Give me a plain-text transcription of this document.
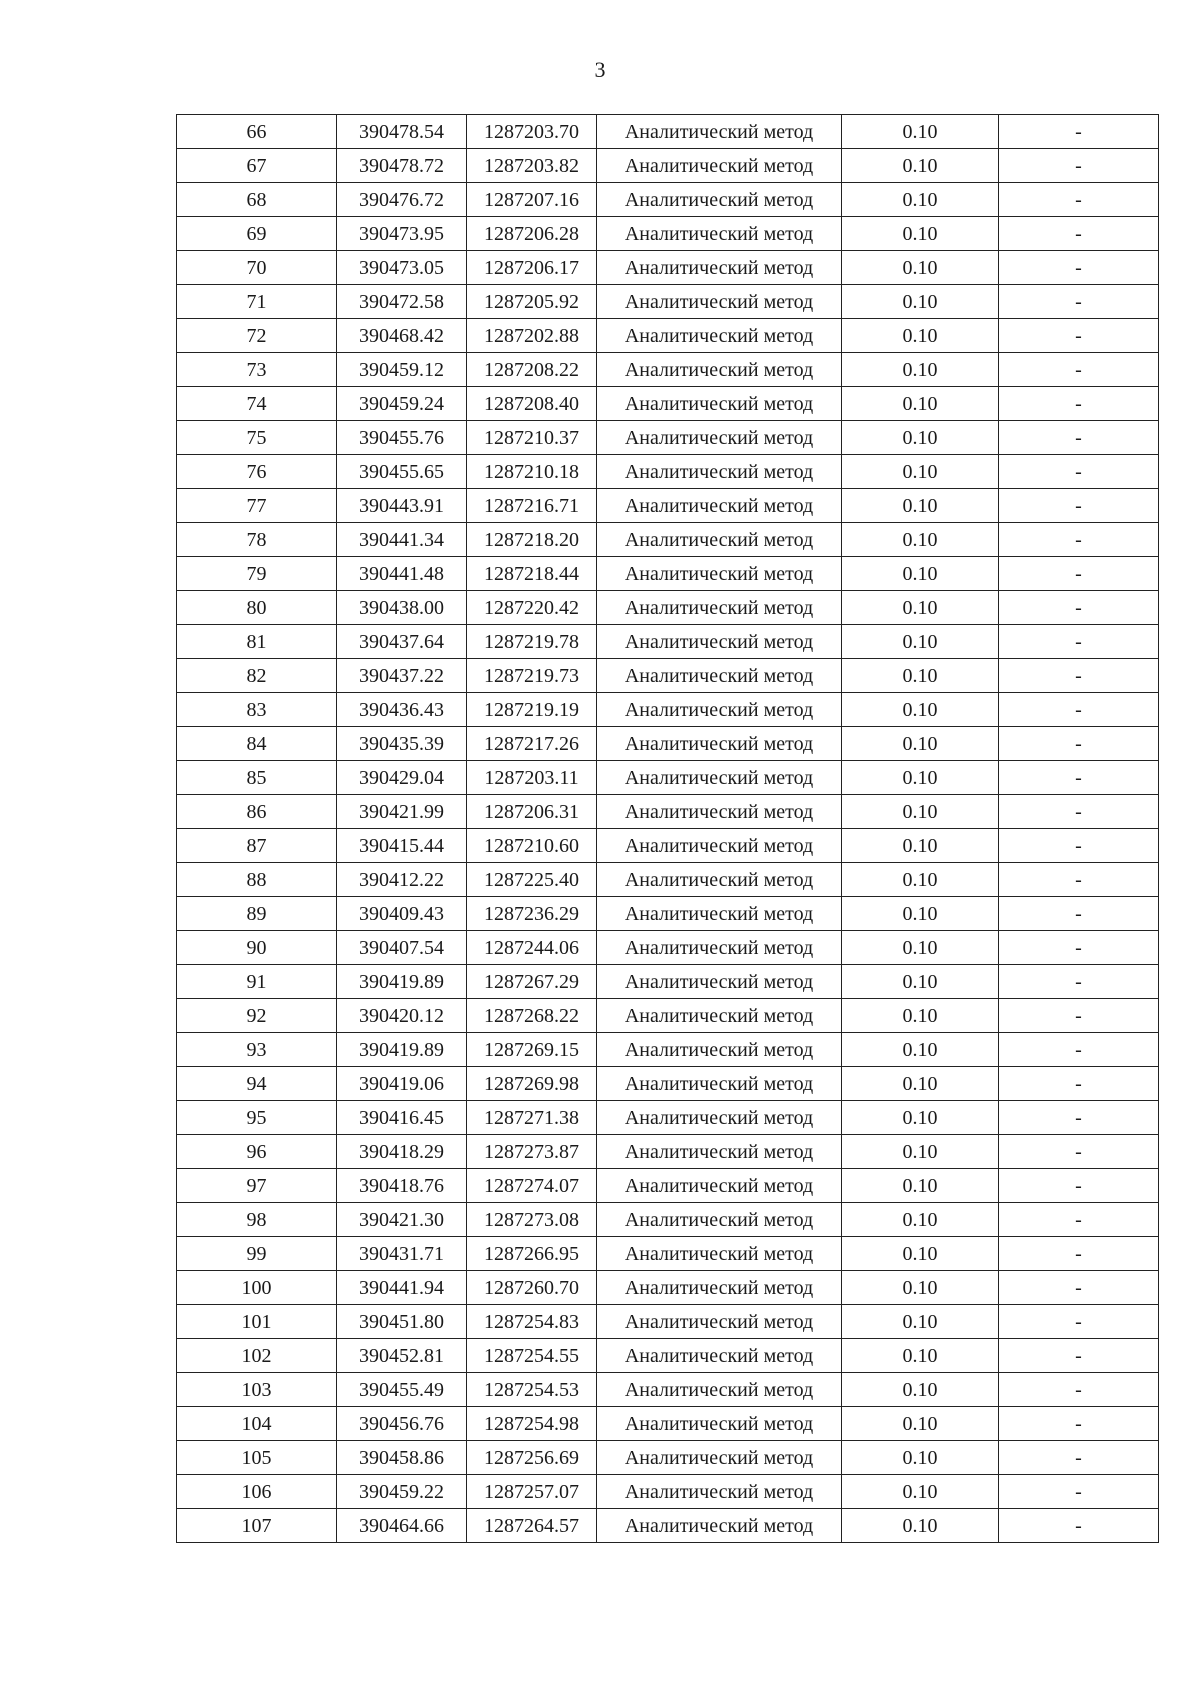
3
66	390478.54	1287203.70	Аналитический метод	0.10	-
67	390478.72	1287203.82	Аналитический метод	0.10	-
68	390476.72	1287207.16	Аналитический метод	0.10	-
69	390473.95	1287206.28	Аналитический метод	0.10	-
70	390473.05	1287206.17	Аналитический метод	0.10	-
71	390472.58	1287205.92	Аналитический метод	0.10	-
72	390468.42	1287202.88	Аналитический метод	0.10	-
73	390459.12	1287208.22	Аналитический метод	0.10	-
74	390459.24	1287208.40	Аналитический метод	0.10	-
75	390455.76	1287210.37	Аналитический метод	0.10	-
76	390455.65	1287210.18	Аналитический метод	0.10	-
77	390443.91	1287216.71	Аналитический метод	0.10	-
78	390441.34	1287218.20	Аналитический метод	0.10	-
79	390441.48	1287218.44	Аналитический метод	0.10	-
80	390438.00	1287220.42	Аналитический метод	0.10	-
81	390437.64	1287219.78	Аналитический метод	0.10	-
82	390437.22	1287219.73	Аналитический метод	0.10	-
83	390436.43	1287219.19	Аналитический метод	0.10	-
84	390435.39	1287217.26	Аналитический метод	0.10	-
85	390429.04	1287203.11	Аналитический метод	0.10	-
86	390421.99	1287206.31	Аналитический метод	0.10	-
87	390415.44	1287210.60	Аналитический метод	0.10	-
88	390412.22	1287225.40	Аналитический метод	0.10	-
89	390409.43	1287236.29	Аналитический метод	0.10	-
90	390407.54	1287244.06	Аналитический метод	0.10	-
91	390419.89	1287267.29	Аналитический метод	0.10	-
92	390420.12	1287268.22	Аналитический метод	0.10	-
93	390419.89	1287269.15	Аналитический метод	0.10	-
94	390419.06	1287269.98	Аналитический метод	0.10	-
95	390416.45	1287271.38	Аналитический метод	0.10	-
96	390418.29	1287273.87	Аналитический метод	0.10	-
97	390418.76	1287274.07	Аналитический метод	0.10	-
98	390421.30	1287273.08	Аналитический метод	0.10	-
99	390431.71	1287266.95	Аналитический метод	0.10	-
100	390441.94	1287260.70	Аналитический метод	0.10	-
101	390451.80	1287254.83	Аналитический метод	0.10	-
102	390452.81	1287254.55	Аналитический метод	0.10	-
103	390455.49	1287254.53	Аналитический метод	0.10	-
104	390456.76	1287254.98	Аналитический метод	0.10	-
105	390458.86	1287256.69	Аналитический метод	0.10	-
106	390459.22	1287257.07	Аналитический метод	0.10	-
107	390464.66	1287264.57	Аналитический метод	0.10	-
